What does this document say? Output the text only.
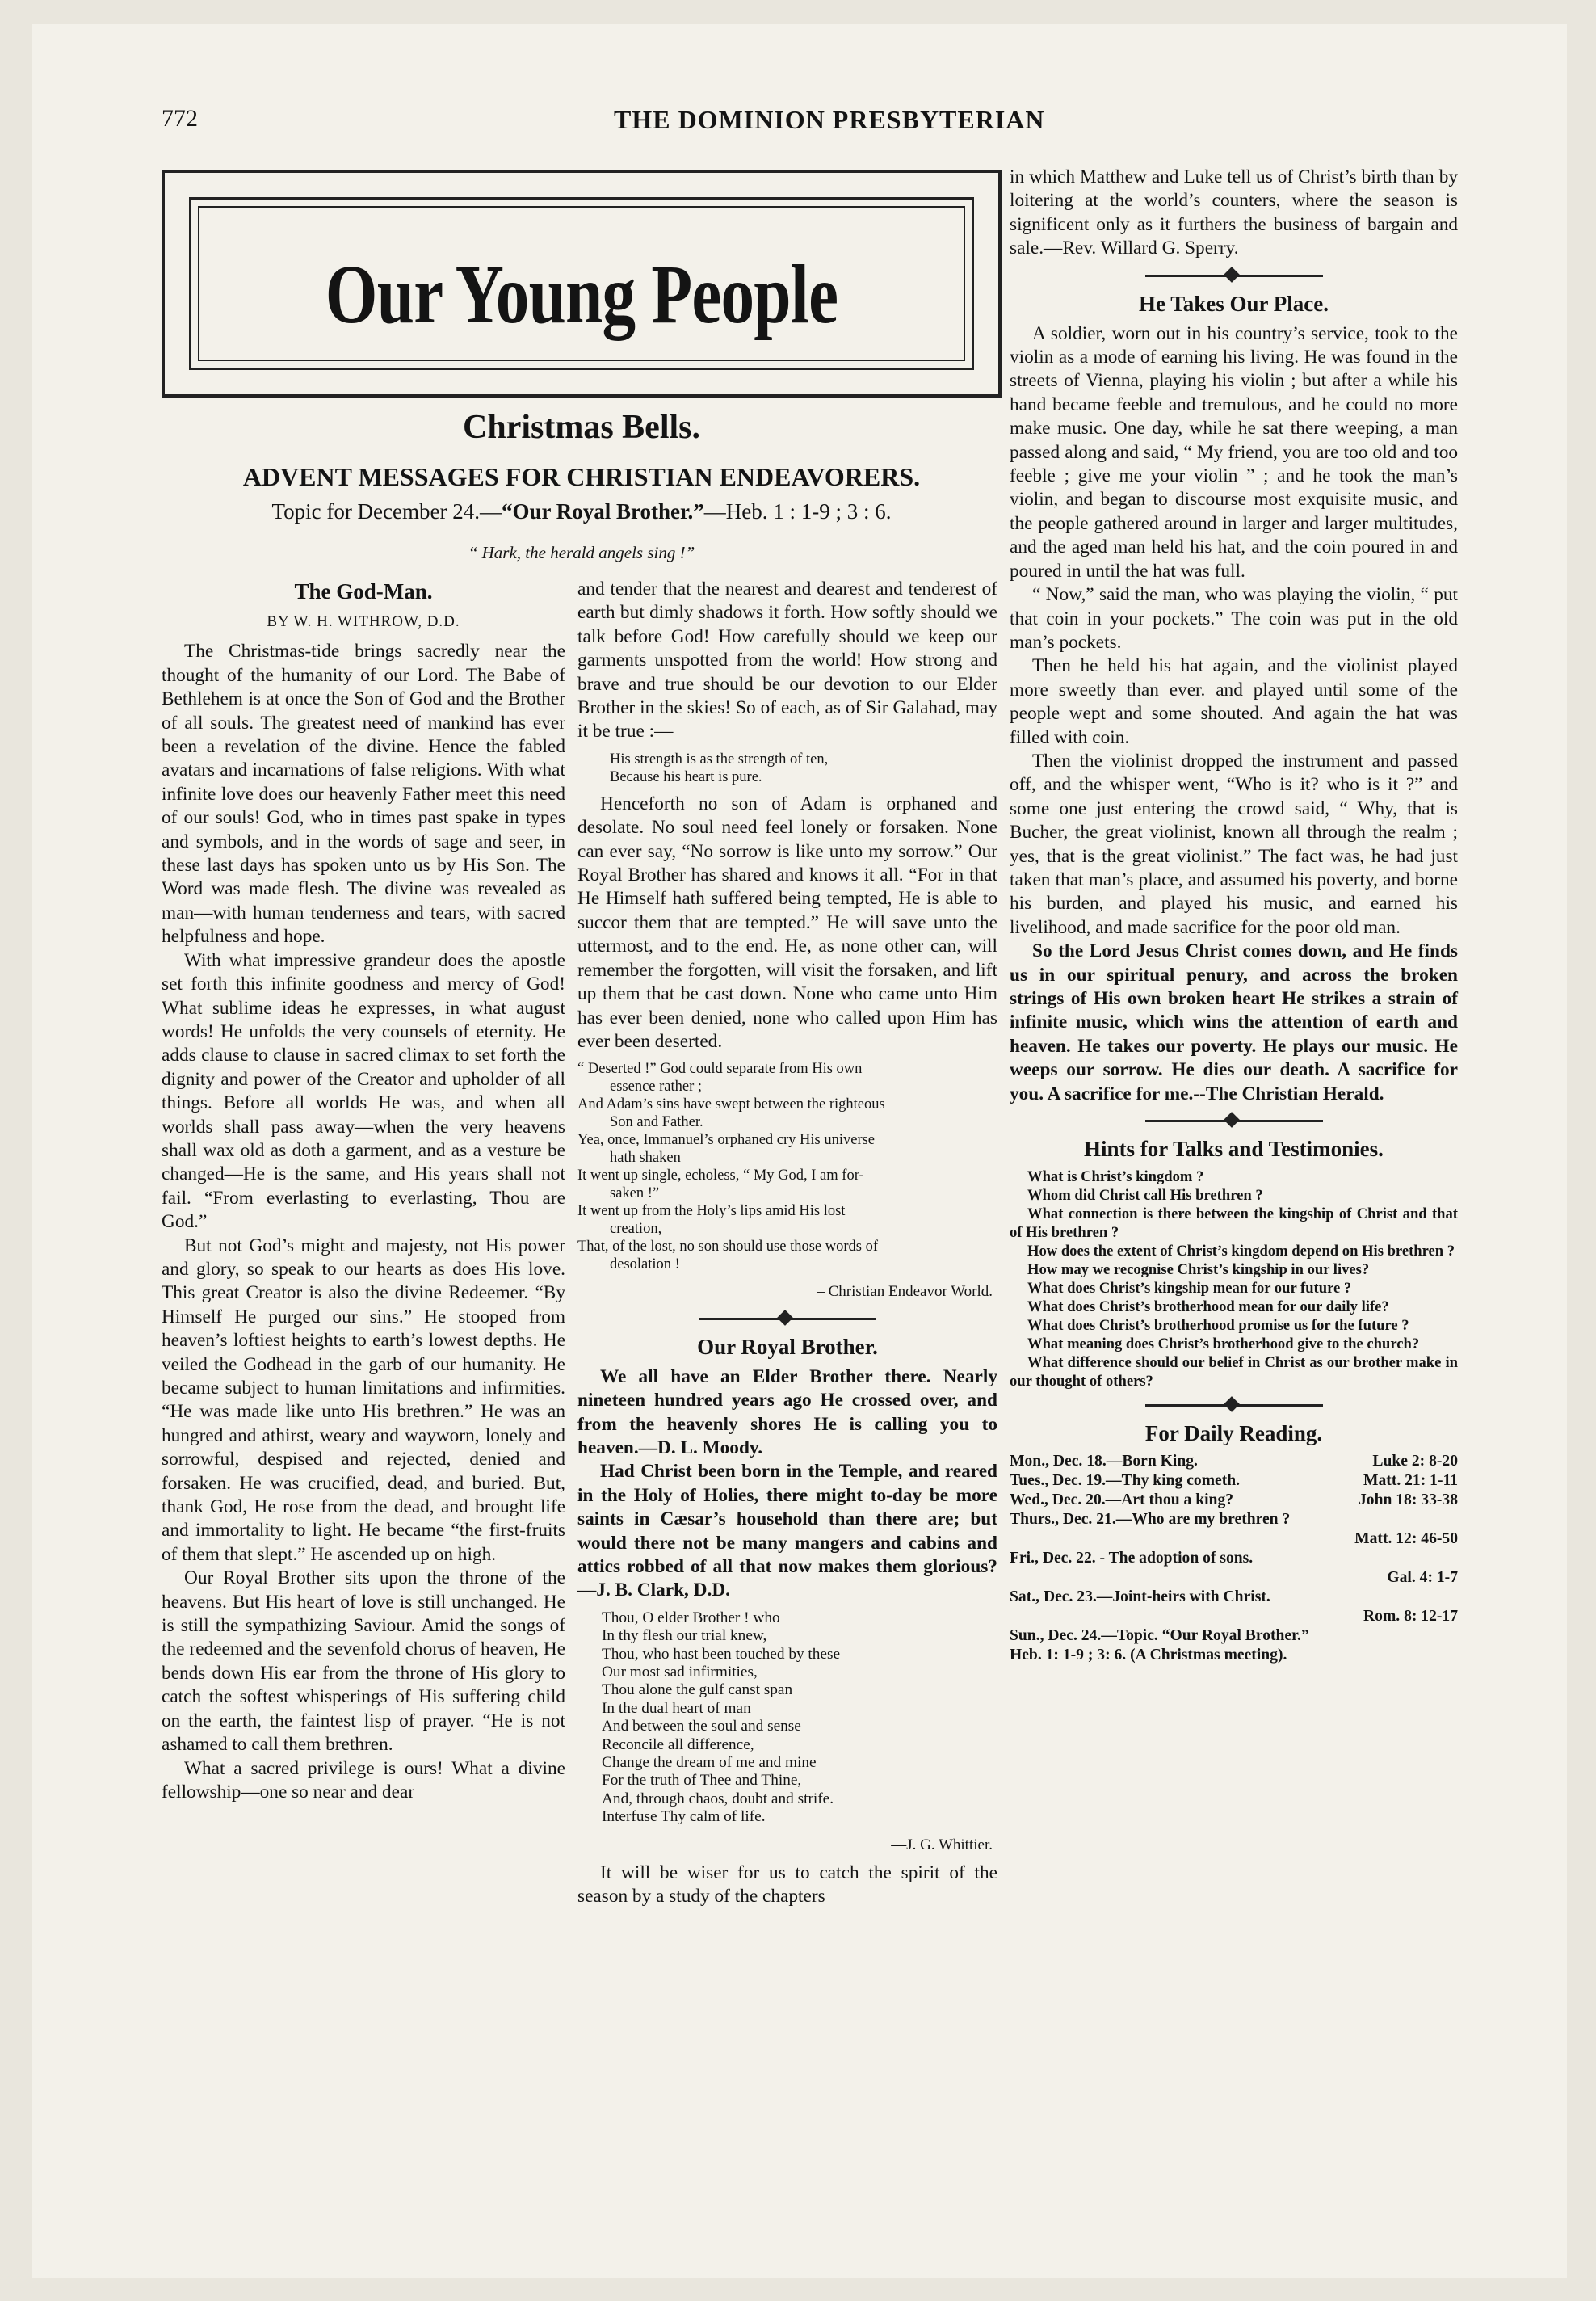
772	THE DOMINION PRESBYTERIAN
Our Young People
Christmas Bells.
ADVENT MESSAGES FOR CHRISTIAN ENDEAVORERS.
Topic for December 24.—“Our Royal Brother.”—Heb. 1 : 1-9 ; 3 : 6.
“ Hark, the herald angels sing !”
The God-Man.
BY W. H. WITHROW, D.D.

The Christmas-tide brings sacredly near the thought of the humanity of our Lord. The Babe of Bethlehem is at once the Son of God and the Brother of all souls. The greatest need of mankind has ever been a revelation of the divine. Hence the fabled avatars and incarnations of false religions. With what infinite love does our heavenly Father meet this need of our souls! God, who in times past spake in types and symbols, and in the words of sage and seer, in these last days has spoken unto us by His Son. The Word was made flesh. The divine was revealed as man—with human tenderness and tears, with sacred helpfulness and hope.

With what impressive grandeur does the apostle set forth this infinite goodness and mercy of God! What sublime ideas he expresses, in what august words! He unfolds the very counsels of eternity. He adds clause to clause in sacred climax to set forth the dignity and power of the Creator and upholder of all things. Before all worlds He was, and when all worlds shall pass away—when the very heavens shall wax old as doth a garment, and as a vesture be changed—He is the same, and His years shall not fail. “From everlasting to everlasting, Thou are God.”

But not God’s might and majesty, not His power and glory, so speak to our hearts as does His love. This great Creator is also the divine Redeemer. “By Himself He purged our sins.” He stooped from heaven’s loftiest heights to earth’s lowest depths. He veiled the Godhead in the garb of our humanity. He became subject to human limitations and infirmities. “He was made like unto His brethren.” He was an hungred and athirst, weary and wayworn, lonely and sorrowful, despised and rejected, denied and forsaken. He was crucified, dead, and buried. But, thank God, He rose from the dead, and brought life and immortality to light. He became “the first-fruits of them that slept.” He ascended up on high.

Our Royal Brother sits upon the throne of the heavens. But His heart of love is still unchanged. He is still the sympathizing Saviour. Amid the songs of the redeemed and the sevenfold chorus of heaven, He bends down His ear from the throne of His glory to catch the softest whisperings of His suffering child on the earth, the faintest lisp of prayer. “He is not ashamed to call them brethren.

What a sacred privilege is ours! What a divine fellowship—one so near and dear

and tender that the nearest and dearest and tenderest of earth but dimly shadows it forth. How softly should we talk before God! How carefully should we keep our garments unspotted from the world! How strong and brave and true should be our devotion to our Elder Brother in the skies! So of each, as of Sir Galahad, may it be true :—

His strength is as the strength of ten,
Because his heart is pure.

Henceforth no son of Adam is orphaned and desolate. No soul need feel lonely or forsaken. None can ever say, “No sorrow is like unto my sorrow.” Our Royal Brother has shared and knows it all. “For in that He Himself hath suffered being tempted, He is able to succor them that are tempted.” He will save unto the uttermost, and to the end. He, as none other can, will remember the forgotten, will visit the forsaken, and lift up them that be cast down. None who came unto Him has ever been denied, none who called upon Him has ever been deserted.

“ Deserted !” God could separate from His own
essence rather ;
And Adam’s sins have swept between the righteous
Son and Father.
Yea, once, Immanuel’s orphaned cry His universe
hath shaken
It went up single, echoless, “ My God, I am for-
saken !”
It went up from the Holy’s lips amid His lost
creation,
That, of the lost, no son should use those words of
desolation !
– Christian Endeavor World.
Our Royal Brother.

We all have an Elder Brother there. Nearly nineteen hundred years ago He crossed over, and from the heavenly shores He is calling you to heaven.—D. L. Moody.

Had Christ been born in the Temple, and reared in the Holy of Holies, there might to-day be more saints in Cæsar’s household than there are; but would there not be many mangers and cabins and attics robbed of all that now makes them glorious?—J. B. Clark, D.D.

Thou, O elder Brother ! who
In thy flesh our trial knew,
Thou, who hast been touched by these
Our most sad infirmities,
Thou alone the gulf canst span
In the dual heart of man
And between the soul and sense
Reconcile all difference,
Change the dream of me and mine
For the truth of Thee and Thine,
And, through chaos, doubt and strife.
Interfuse Thy calm of life.
—J. G. Whittier.

It will be wiser for us to catch the spirit of the season by a study of the chapters

in which Matthew and Luke tell us of Christ’s birth than by loitering at the world’s counters, where the season is significent only as it furthers the business of bargain and sale.—Rev. Willard G. Sperry.

He Takes Our Place.

A soldier, worn out in his country’s service, took to the violin as a mode of earning his living. He was found in the streets of Vienna, playing his violin ; but after a while his hand became feeble and tremulous, and he could no more make music. One day, while he sat there weeping, a man passed along and said, “ My friend, you are too old and too feeble ; give me your violin ” ; and he took the man’s violin, and began to discourse most exquisite music, and the people gathered around in larger and larger multitudes, and the aged man held his hat, and the coin poured in and poured in until the hat was full.

“ Now,” said the man, who was playing the violin, “ put that coin in your pockets.” The coin was put in the old man’s pockets.

Then he held his hat again, and the violinist played more sweetly than ever. and played until some of the people wept and some shouted. And again the hat was filled with coin.

Then the violinist dropped the instrument and passed off, and the whisper went, “Who is it? who is it ?” and some one just entering the crowd said, “ Why, that is Bucher, the great violinist, known all through the realm ; yes, that is the great violinist.” The fact was, he had just taken that man’s place, and assumed his poverty, and borne his burden, and played his music, and earned his livelihood, and made sacrifice for the poor old man.

So the Lord Jesus Christ comes down, and He finds us in our spiritual penury, and across the broken strings of His own broken heart He strikes a strain of infinite music, which wins the attention of earth and heaven. He takes our poverty. He plays our music. He weeps our sorrow. He dies our death. A sacrifice for you. A sacrifice for me.--The Christian Herald.

Hints for Talks and Testimonies.
What is Christ’s kingdom ?
Whom did Christ call His brethren ?
What connection is there between the kingship of Christ and that of His brethren ?
How does the extent of Christ’s kingdom depend on His brethren ?
How may we recognise Christ’s kingship in our lives?
What does Christ’s kingship mean for our future ?
What does Christ’s brotherhood mean for our daily life?
What does Christ’s brotherhood promise us for the future ?
What meaning does Christ’s brotherhood give to the church?
What difference should our belief in Christ as our brother make in our thought of others?
For Daily Reading.
Mon., Dec. 18.—Born King.	Luke 2: 8-20
Tues., Dec. 19.—Thy king cometh.	Matt. 21: 1-11
Wed., Dec. 20.—Art thou a king?	John 18: 33-38
Thurs., Dec. 21.—Who are my brethren ?
Matt. 12: 46-50
Fri., Dec. 22. - The adoption of sons.
Gal. 4: 1-7
Sat., Dec. 23.—Joint-heirs with Christ.
Rom. 8: 12-17
Sun., Dec. 24.—Topic. “Our Royal Brother.”
Heb. 1: 1-9 ; 3: 6. (A Christmas meeting).
